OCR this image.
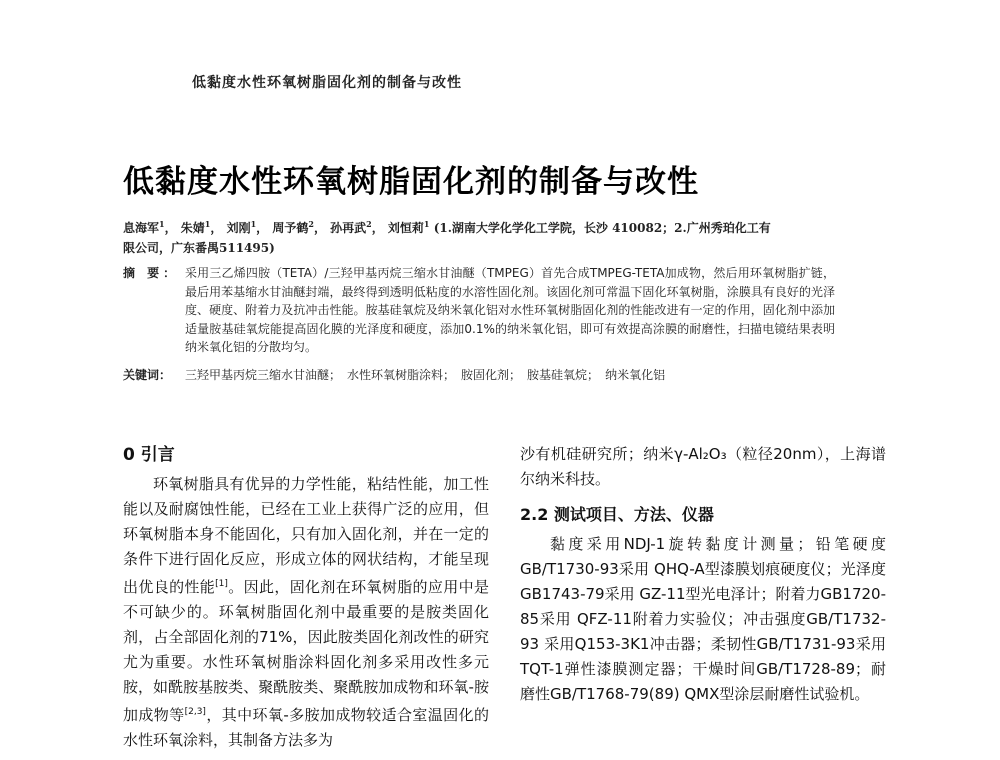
低黏度水性环氧树脂固化剂的制备与改性
低黏度水性环氧树脂固化剂的制备与改性
息海军$^1$， 朱婧$^1$， 刘刚$^1$， 周予鹤$^2$， 孙再武$^2$， 刘恒莉$^1$ (1.湖南大学化学化工学院，长沙 410082；2.广州秀珀化工有
限公司，广东番禺511495)
摘 要： 采用三乙烯四胺（TETA）/三羟甲基丙烷三缩水甘油醚（TMPEG）首先合成TMPEG-TETA加成物，然后用环氧树脂扩链，最后用苯基缩水甘油醚封端，最终得到透明低粘度的水溶性固化剂。该固化剂可常温下固化环氧树脂，涂膜具有良好的光泽度、硬度、附着力及抗冲击性能。胺基硅氧烷及纳米氧化铝对水性环氧树脂固化剂的性能改进有一定的作用，固化剂中添加适量胺基硅氧烷能提高固化膜的光泽度和硬度，添加0.1%的纳米氧化铝，即可有效提高涂膜的耐磨性，扫描电镜结果表明纳米氧化铝的分散均匀。
关键词：	三羟甲基丙烷三缩水甘油醚； 水性环氧树脂涂料； 胺固化剂； 胺基硅氧烷； 纳米氧化铝
0 引言

环氧树脂具有优异的力学性能，粘结性能，加工性能以及耐腐蚀性能，已经在工业上获得广泛的应用，但环氧树脂本身不能固化，只有加入固化剂，并在一定的条件下进行固化反应，形成立体的网状结构，才能呈现出优良的性能[1]。因此，固化剂在环氧树脂的应用中是不可缺少的。环氧树脂固化剂中最重要的是胺类固化剂，占全部固化剂的71%，因此胺类固化剂改性的研究尤为重要。水性环氧树脂涂料固化剂多采用改性多元胺，如酰胺基胺类、聚酰胺类、聚酰胺加成物和环氧-胺加成物等[2,3]，其中环氧-多胺加成物较适合室温固化的水性环氧涂料，其制备方法多为

沙有机硅研究所；纳米γ-Al₂O₃（粒径20nm），上海谱尔纳米科技。

2.2 测试项目、方法、仪器

黏度采用NDJ-1旋转黏度计测量；铅笔硬度GB/T1730-93采用 QHQ-A型漆膜划痕硬度仪；光泽度GB1743-79采用 GZ-11型光电泽计；附着力GB1720-85采用 QFZ-11附着力实验仪；冲击强度GB/T1732-93 采用Q153-3K1冲击器；柔韧性GB/T1731-93采用 TQT-1弹性漆膜测定器；干燥时间GB/T1728-89；耐磨性GB/T1768-79(89) QMX型涂层耐磨性试验机。
